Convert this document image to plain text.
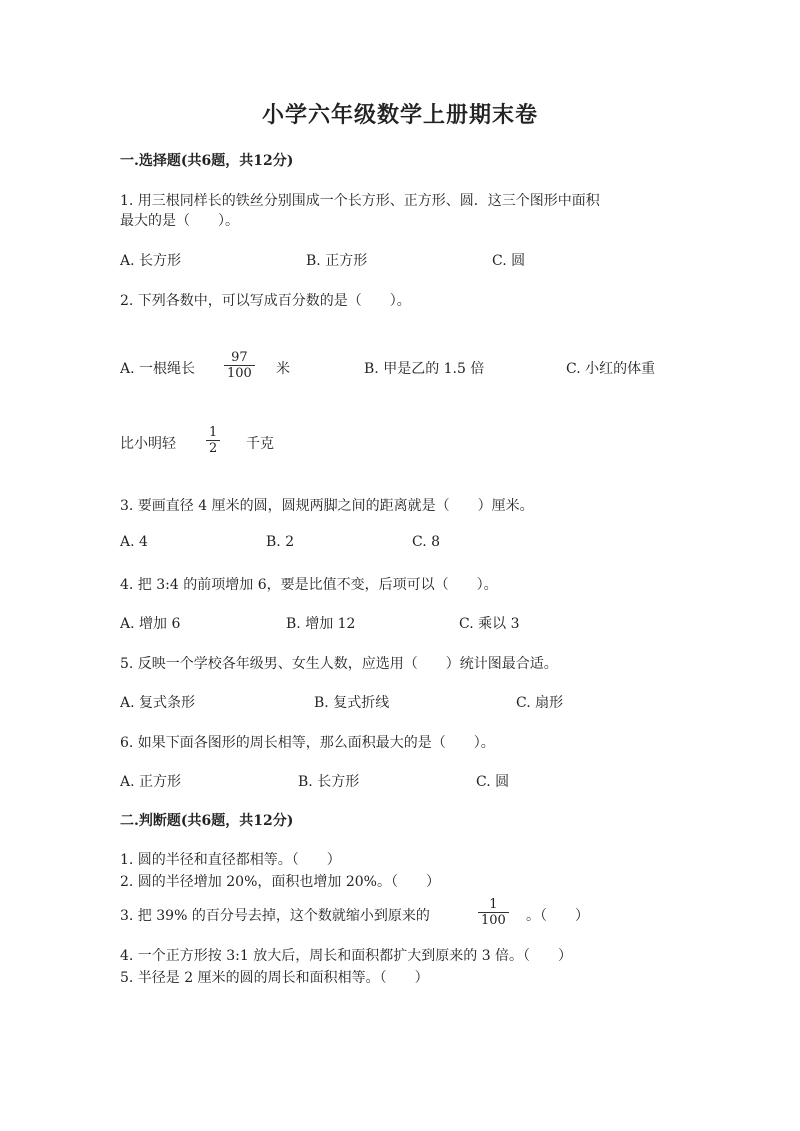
小学六年级数学上册期末卷
一.选择题(共6题，共12分)
1. 用三根同样长的铁丝分别围成一个长方形、正方形、圆．这三个图形中面积
最大的是（　　）。
A. 长方形	B. 正方形	C. 圆
2. 下列各数中，可以写成百分数的是（　　）。
A. 一根绳长 $\frac{97}{100}$ 米	B. 甲是乙的 1.5 倍	C. 小红的体重
比小明轻 $\frac{1}{2}$ 千克
3. 要画直径 4 厘米的圆，圆规两脚之间的距离就是（　　）厘米。
A. 4	B. 2	C. 8
4. 把 3:4 的前项增加 6，要是比值不变，后项可以（　　）。
A. 增加 6	B. 增加 12	C. 乘以 3
5. 反映一个学校各年级男、女生人数，应选用（　　）统计图最合适。
A. 复式条形	B. 复式折线	C. 扇形
6. 如果下面各图形的周长相等，那么面积最大的是（　　）。
A. 正方形	B. 长方形	C. 圆
二.判断题(共6题，共12分)
1. 圆的半径和直径都相等。（　　）
2. 圆的半径增加 20%，面积也增加 20%。（　　）
3. 把 39% 的百分号去掉，这个数就缩小到原来的	$\frac{1}{100}$ 。（　　）
4. 一个正方形按 3:1 放大后，周长和面积都扩大到原来的 3 倍。（　　）
5. 半径是 2 厘米的圆的周长和面积相等。（　　）
